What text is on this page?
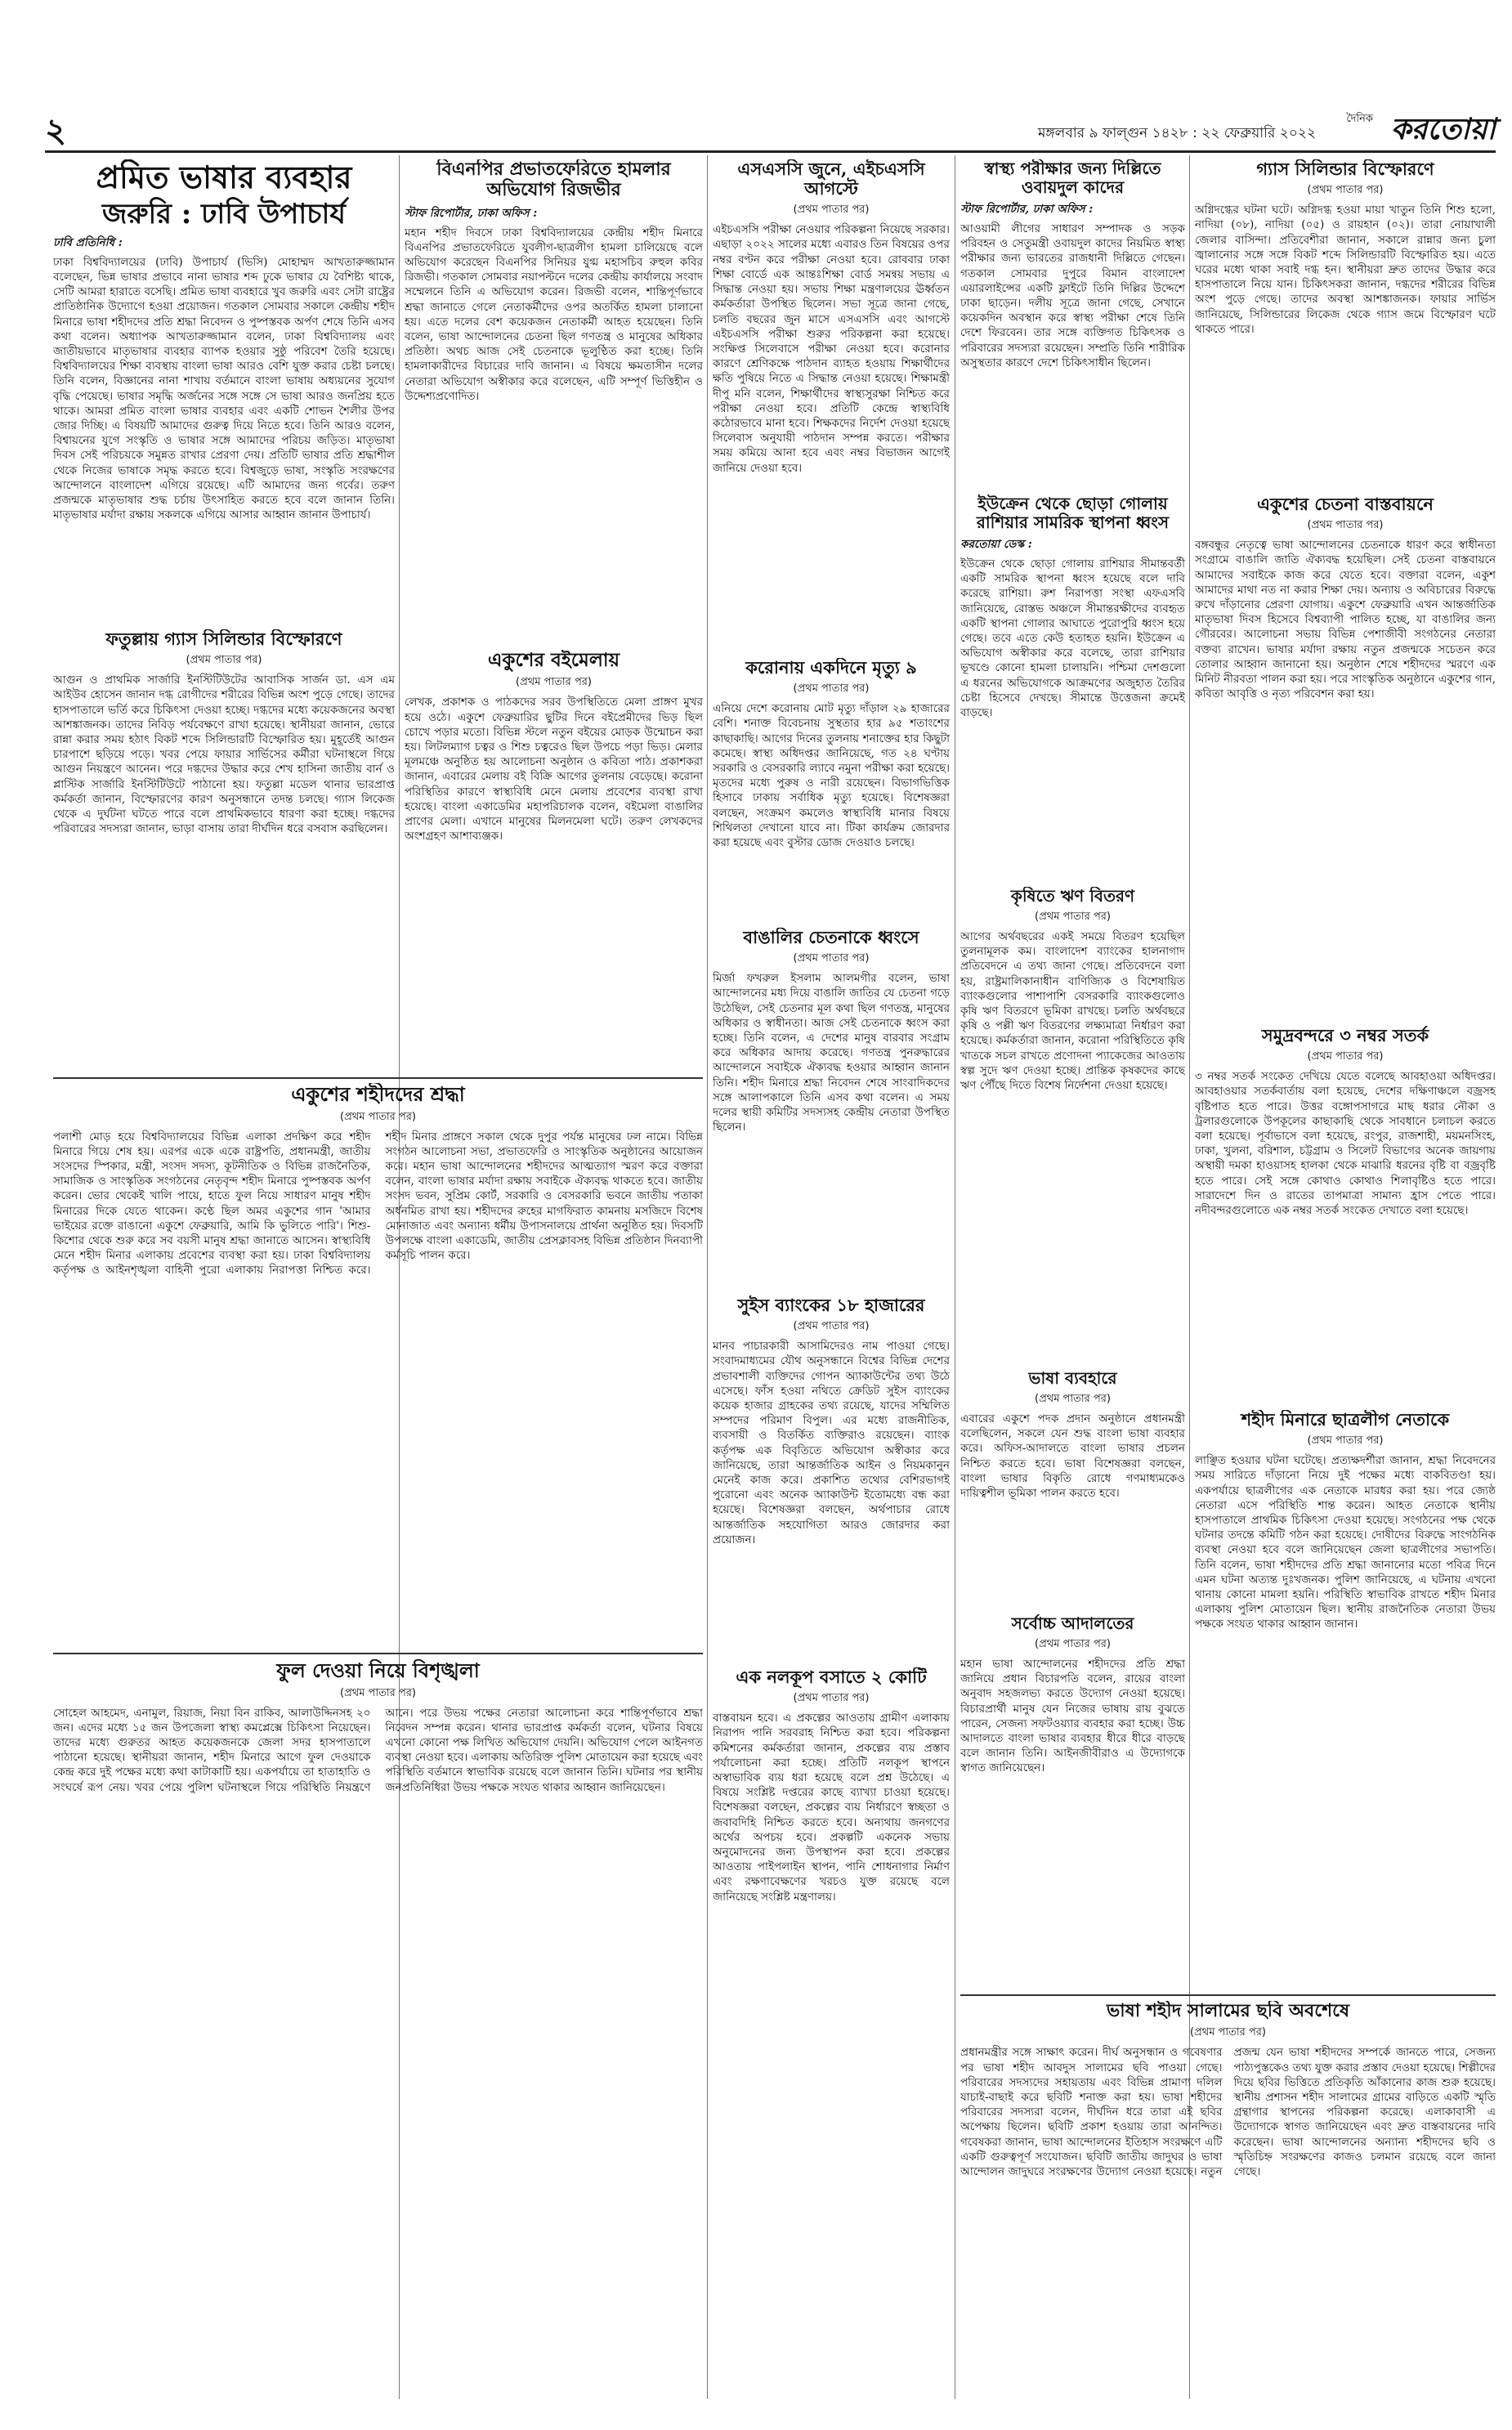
২	মঙ্গলবার ৯ ফাল্গুন ১৪২৮ : ২২ ফেব্রুয়ারি ২০২২
দৈনিক করতোয়া
প্রমিত ভাষার ব্যবহার
জরুরি : ঢাবি উপাচার্য
ঢাবি প্রতিনিধি :

ঢাকা বিশ্ববিদ্যালয়ের (ঢাবি) উপাচার্য (ভিসি) মোহাম্মদ আখতারুজ্জামান বলেছেন, ভিন্ন ভাষার প্রভাবে নানা ভাষার শব্দ ঢুকে ভাষার যে বৈশিষ্ট্য থাকে, সেটি আমরা হারাতে বসেছি। প্রমিত ভাষা ব্যবহারে খুব জরুরি এবং সেটা রাষ্ট্রের প্রাতিষ্ঠানিক উদ্যোগে হওয়া প্রয়োজন। গতকাল সোমবার সকালে কেন্দ্রীয় শহীদ মিনারে ভাষা শহীদদের প্রতি শ্রদ্ধা নিবেদন ও পুষ্পস্তবক অর্পণ শেষে তিনি এসব কথা বলেন। অধ্যাপক আখতারুজ্জামান বলেন, ঢাকা বিশ্ববিদ্যালয় এবং জাতীয়ভাবে মাতৃভাষার ব্যবহার ব্যাপক হওয়ার সুষ্ঠু পরিবেশ তৈরি হয়েছে। বিশ্ববিদ্যালয়ের শিক্ষা ব্যবস্থায় বাংলা ভাষা আরও বেশি যুক্ত করার চেষ্টা চলছে। তিনি বলেন, বিজ্ঞানের নানা শাখায় বর্তমানে বাংলা ভাষায় অধ্যয়নের সুযোগ বৃদ্ধি পেয়েছে। ভাষার সমৃদ্ধি অর্জনের সঙ্গে সঙ্গে সে ভাষা আরও জনপ্রিয় হতে থাকে। আমরা প্রমিত বাংলা ভাষার ব্যবহার এবং একটি শোভন শৈলীর উপর জোর দিচ্ছি। এ বিষয়টি আমাদের গুরুত্ব দিয়ে নিতে হবে। তিনি আরও বলেন, বিশ্বায়নের যুগে সংস্কৃতি ও ভাষার সঙ্গে আমাদের পরিচয় জড়িত। মাতৃভাষা দিবস সেই পরিচয়কে সমুন্নত রাখার প্রেরণা দেয়। প্রতিটি ভাষার প্রতি শ্রদ্ধাশীল থেকে নিজের ভাষাকে সমৃদ্ধ করতে হবে। বিশ্বজুড়ে ভাষা, সংস্কৃতি সংরক্ষণের আন্দোলনে বাংলাদেশ এগিয়ে রয়েছে। এটি আমাদের জন্য গর্বের। তরুণ প্রজন্মকে মাতৃভাষার শুদ্ধ চর্চায় উৎসাহিত করতে হবে বলে জানান তিনি। মাতৃভাষার মর্যাদা রক্ষায় সকলকে এগিয়ে আসার আহ্বান জানান উপাচার্য।

ফতুল্লায় গ্যাস সিলিন্ডার বিস্ফোরণে
(প্রথম পাতার পর)

আগুন ও প্রাথমিক সার্জারি ইনস্টিটিউটের আবাসিক সার্জন ডা. এস এম আইউব হোসেন জানান দগ্ধ রোগীদের শরীরের বিভিন্ন অংশ পুড়ে গেছে। তাদের হাসপাতালে ভর্তি করে চিকিৎসা দেওয়া হচ্ছে। দগ্ধদের মধ্যে কয়েকজনের অবস্থা আশঙ্কাজনক। তাদের নিবিড় পর্যবেক্ষণে রাখা হয়েছে। স্থানীয়রা জানান, ভোরে রান্না করার সময় হঠাৎ বিকট শব্দে সিলিন্ডারটি বিস্ফোরিত হয়। মুহূর্তেই আগুন চারপাশে ছড়িয়ে পড়ে। খবর পেয়ে ফায়ার সার্ভিসের কর্মীরা ঘটনাস্থলে গিয়ে আগুন নিয়ন্ত্রণে আনেন। পরে দগ্ধদের উদ্ধার করে শেখ হাসিনা জাতীয় বার্ন ও প্লাস্টিক সার্জারি ইনস্টিটিউটে পাঠানো হয়। ফতুল্লা মডেল থানার ভারপ্রাপ্ত কর্মকর্তা জানান, বিস্ফোরণের কারণ অনুসন্ধানে তদন্ত চলছে। গ্যাস লিকেজ থেকে এ দুর্ঘটনা ঘটতে পারে বলে প্রাথমিকভাবে ধারণা করা হচ্ছে। দগ্ধদের পরিবারের সদস্যরা জানান, ভাড়া বাসায় তারা দীর্ঘদিন ধরে বসবাস করছিলেন।

বিএনপির প্রভাতফেরিতে হামলার অভিযোগ রিজভীর
স্টাফ রিপোর্টার, ঢাকা অফিস :

মহান শহীদ দিবসে ঢাকা বিশ্ববিদ্যালয়ের কেন্দ্রীয় শহীদ মিনারে বিএনপির প্রভাতফেরিতে যুবলীগ-ছাত্রলীগ হামলা চালিয়েছে বলে অভিযোগ করেছেন বিএনপির সিনিয়র যুগ্ম মহাসচিব রুহুল কবির রিজভী। গতকাল সোমবার নয়াপল্টনে দলের কেন্দ্রীয় কার্যালয়ে সংবাদ সম্মেলনে তিনি এ অভিযোগ করেন। রিজভী বলেন, শান্তিপূর্ণভাবে শ্রদ্ধা জানাতে গেলে নেতাকর্মীদের ওপর অতর্কিত হামলা চালানো হয়। এতে দলের বেশ কয়েকজন নেতাকর্মী আহত হয়েছেন। তিনি বলেন, ভাষা আন্দোলনের চেতনা ছিল গণতন্ত্র ও মানুষের অধিকার প্রতিষ্ঠা। অথচ আজ সেই চেতনাকে ভূলুণ্ঠিত করা হচ্ছে। তিনি হামলাকারীদের বিচারের দাবি জানান। এ বিষয়ে ক্ষমতাসীন দলের নেতারা অভিযোগ অস্বীকার করে বলেছেন, এটি সম্পূর্ণ ভিত্তিহীন ও উদ্দেশ্যপ্রণোদিত।

একুশের বইমেলায়
(প্রথম পাতার পর)

লেখক, প্রকাশক ও পাঠকদের সরব উপস্থিতিতে মেলা প্রাঙ্গণ মুখর হয়ে ওঠে। একুশে ফেব্রুয়ারির ছুটির দিনে বইপ্রেমীদের ভিড় ছিল চোখে পড়ার মতো। বিভিন্ন স্টলে নতুন বইয়ের মোড়ক উন্মোচন করা হয়। লিটলম্যাগ চত্বর ও শিশু চত্বরেও ছিল উপচে পড়া ভিড়। মেলার মূলমঞ্চে অনুষ্ঠিত হয় আলোচনা অনুষ্ঠান ও কবিতা পাঠ। প্রকাশকরা জানান, এবারের মেলায় বই বিক্রি আগের তুলনায় বেড়েছে। করোনা পরিস্থিতির কারণে স্বাস্থ্যবিধি মেনে মেলায় প্রবেশের ব্যবস্থা রাখা হয়েছে। বাংলা একাডেমির মহাপরিচালক বলেন, বইমেলা বাঙালির প্রাণের মেলা। এখানে মানুষের মিলনমেলা ঘটে। তরুণ লেখকদের অংশগ্রহণ আশাব্যঞ্জক।

একুশের শহীদদের শ্রদ্ধা
(প্রথম পাতার পর)

পলাশী মোড় হয়ে বিশ্ববিদ্যালয়ের বিভিন্ন এলাকা প্রদক্ষিণ করে শহীদ মিনারে গিয়ে শেষ হয়। এরপর একে একে রাষ্ট্রপতি, প্রধানমন্ত্রী, জাতীয় সংসদের স্পিকার, মন্ত্রী, সংসদ সদস্য, কূটনীতিক ও বিভিন্ন রাজনৈতিক, সামাজিক ও সাংস্কৃতিক সংগঠনের নেতৃবৃন্দ শহীদ মিনারে পুষ্পস্তবক অর্পণ করেন। ভোর থেকেই খালি পায়ে, হাতে ফুল নিয়ে সাধারণ মানুষ শহীদ মিনারের দিকে যেতে থাকেন। কণ্ঠে ছিল অমর একুশের গান 'আমার ভাইয়ের রক্তে রাঙানো একুশে ফেব্রুয়ারি, আমি কি ভুলিতে পারি'। শিশু-কিশোর থেকে শুরু করে সব বয়সী মানুষ শ্রদ্ধা জানাতে আসেন। স্বাস্থ্যবিধি মেনে শহীদ মিনার এলাকায় প্রবেশের ব্যবস্থা করা হয়। ঢাকা বিশ্ববিদ্যালয় কর্তৃপক্ষ ও আইনশৃঙ্খলা বাহিনী পুরো এলাকায় নিরাপত্তা নিশ্চিত করে। শহীদ মিনার প্রাঙ্গণে সকাল থেকে দুপুর পর্যন্ত মানুষের ঢল নামে। বিভিন্ন সংগঠন আলোচনা সভা, প্রভাতফেরি ও সাংস্কৃতিক অনুষ্ঠানের আয়োজন করে। মহান ভাষা আন্দোলনের শহীদদের আত্মত্যাগ স্মরণ করে বক্তারা বলেন, বাংলা ভাষার মর্যাদা রক্ষায় সবাইকে ঐক্যবদ্ধ থাকতে হবে। জাতীয় সংসদ ভবন, সুপ্রিম কোর্ট, সরকারি ও বেসরকারি ভবনে জাতীয় পতাকা অর্ধনমিত রাখা হয়। শহীদদের রুহের মাগফিরাত কামনায় মসজিদে বিশেষ মোনাজাত এবং অন্যান্য ধর্মীয় উপাসনালয়ে প্রার্থনা অনুষ্ঠিত হয়। দিবসটি উপলক্ষে বাংলা একাডেমি, জাতীয় প্রেসক্লাবসহ বিভিন্ন প্রতিষ্ঠান দিনব্যাপী কর্মসূচি পালন করে।

ফুল দেওয়া নিয়ে বিশৃঙ্খলা
(প্রথম পাতার পর)

সোহেল আহমেদ, এনামুল, রিয়াজ, নিয়া বিন রাকিব, আলাউদ্দিনসহ ২০ জন। এদের মধ্যে ১৫ জন উপজেলা স্বাস্থ্য কমপ্লেক্সে চিকিৎসা নিয়েছেন। তাদের মধ্যে গুরুতর আহত কয়েকজনকে জেলা সদর হাসপাতালে পাঠানো হয়েছে। স্থানীয়রা জানান, শহীদ মিনারে আগে ফুল দেওয়াকে কেন্দ্র করে দুই পক্ষের মধ্যে কথা কাটাকাটি হয়। একপর্যায়ে তা হাতাহাতি ও সংঘর্ষে রূপ নেয়। খবর পেয়ে পুলিশ ঘটনাস্থলে গিয়ে পরিস্থিতি নিয়ন্ত্রণে আনে। পরে উভয় পক্ষের নেতারা আলোচনা করে শান্তিপূর্ণভাবে শ্রদ্ধা নিবেদন সম্পন্ন করেন। থানার ভারপ্রাপ্ত কর্মকর্তা বলেন, ঘটনার বিষয়ে এখনো কোনো পক্ষ লিখিত অভিযোগ দেয়নি। অভিযোগ পেলে আইনগত ব্যবস্থা নেওয়া হবে। এলাকায় অতিরিক্ত পুলিশ মোতায়েন করা হয়েছে এবং পরিস্থিতি বর্তমানে স্বাভাবিক রয়েছে বলে জানান তিনি। ঘটনার পর স্থানীয় জনপ্রতিনিধিরা উভয় পক্ষকে সংযত থাকার আহ্বান জানিয়েছেন।

এসএসসি জুনে, এইচএসসি আগস্টে
(প্রথম পাতার পর)

এইচএসসি পরীক্ষা নেওয়ার পরিকল্পনা নিয়েছে সরকার। এছাড়া ২০২২ সালের মধ্যে এবারও তিন বিষয়ের ওপর নম্বর বণ্টন করে পরীক্ষা নেওয়া হবে। রোববার ঢাকা শিক্ষা বোর্ডে এক আন্তঃশিক্ষা বোর্ড সমন্বয় সভায় এ সিদ্ধান্ত নেওয়া হয়। সভায় শিক্ষা মন্ত্রণালয়ের ঊর্ধ্বতন কর্মকর্তারা উপস্থিত ছিলেন। সভা সূত্রে জানা গেছে, চলতি বছরের জুন মাসে এসএসসি এবং আগস্টে এইচএসসি পরীক্ষা শুরুর পরিকল্পনা করা হয়েছে। সংক্ষিপ্ত সিলেবাসে পরীক্ষা নেওয়া হবে। করোনার কারণে শ্রেণিকক্ষে পাঠদান ব্যাহত হওয়ায় শিক্ষার্থীদের ক্ষতি পুষিয়ে নিতে এ সিদ্ধান্ত নেওয়া হয়েছে। শিক্ষামন্ত্রী দীপু মনি বলেন, শিক্ষার্থীদের স্বাস্থ্যসুরক্ষা নিশ্চিত করে পরীক্ষা নেওয়া হবে। প্রতিটি কেন্দ্রে স্বাস্থ্যবিধি কঠোরভাবে মানা হবে। শিক্ষকদের নির্দেশ দেওয়া হয়েছে সিলেবাস অনুযায়ী পাঠদান সম্পন্ন করতে। পরীক্ষার সময় কমিয়ে আনা হবে এবং নম্বর বিভাজন আগেই জানিয়ে দেওয়া হবে।

করোনায় একদিনে মৃত্যু ৯
(প্রথম পাতার পর)

এনিয়ে দেশে করোনায় মোট মৃত্যু দাঁড়াল ২৯ হাজারের বেশি। শনাক্ত বিবেচনায় সুস্থতার হার ৯৫ শতাংশের কাছাকাছি। আগের দিনের তুলনায় শনাক্তের হার কিছুটা কমেছে। স্বাস্থ্য অধিদপ্তর জানিয়েছে, গত ২৪ ঘণ্টায় সরকারি ও বেসরকারি ল্যাবে নমুনা পরীক্ষা করা হয়েছে। মৃতদের মধ্যে পুরুষ ও নারী রয়েছেন। বিভাগভিত্তিক হিসাবে ঢাকায় সর্বাধিক মৃত্যু হয়েছে। বিশেষজ্ঞরা বলছেন, সংক্রমণ কমলেও স্বাস্থ্যবিধি মানার বিষয়ে শিথিলতা দেখানো যাবে না। টিকা কার্যক্রম জোরদার করা হয়েছে এবং বুস্টার ডোজ দেওয়াও চলছে।

বাঙালির চেতনাকে ধ্বংসে
(প্রথম পাতার পর)

মির্জা ফখরুল ইসলাম আলমগীর বলেন, ভাষা আন্দোলনের মধ্য দিয়ে বাঙালি জাতির যে চেতনা গড়ে উঠেছিল, সেই চেতনার মূল কথা ছিল গণতন্ত্র, মানুষের অধিকার ও স্বাধীনতা। আজ সেই চেতনাকে ধ্বংস করা হচ্ছে। তিনি বলেন, এ দেশের মানুষ বারবার সংগ্রাম করে অধিকার আদায় করেছে। গণতন্ত্র পুনরুদ্ধারের আন্দোলনে সবাইকে ঐক্যবদ্ধ হওয়ার আহ্বান জানান তিনি। শহীদ মিনারে শ্রদ্ধা নিবেদন শেষে সাংবাদিকদের সঙ্গে আলাপকালে তিনি এসব কথা বলেন। এ সময় দলের স্থায়ী কমিটির সদস্যসহ কেন্দ্রীয় নেতারা উপস্থিত ছিলেন।

সুইস ব্যাংকের ১৮ হাজারের
(প্রথম পাতার পর)

মানব পাচারকারী আসামিদেরও নাম পাওয়া গেছে। সংবাদমাধ্যমের যৌথ অনুসন্ধানে বিশ্বের বিভিন্ন দেশের প্রভাবশালী ব্যক্তিদের গোপন অ্যাকাউন্টের তথ্য উঠে এসেছে। ফাঁস হওয়া নথিতে ক্রেডিট সুইস ব্যাংকের কয়েক হাজার গ্রাহকের তথ্য রয়েছে, যাদের সম্মিলিত সম্পদের পরিমাণ বিপুল। এর মধ্যে রাজনীতিক, ব্যবসায়ী ও বিতর্কিত ব্যক্তিরাও রয়েছেন। ব্যাংক কর্তৃপক্ষ এক বিবৃতিতে অভিযোগ অস্বীকার করে জানিয়েছে, তারা আন্তর্জাতিক আইন ও নিয়মকানুন মেনেই কাজ করে। প্রকাশিত তথ্যের বেশিরভাগই পুরোনো এবং অনেক অ্যাকাউন্ট ইতোমধ্যে বন্ধ করা হয়েছে। বিশেষজ্ঞরা বলছেন, অর্থপাচার রোধে আন্তর্জাতিক সহযোগিতা আরও জোরদার করা প্রয়োজন।

এক নলকূপ বসাতে ২ কোটি
(প্রথম পাতার পর)

বাস্তবায়ন হবে। এ প্রকল্পের আওতায় গ্রামীণ এলাকায় নিরাপদ পানি সরবরাহ নিশ্চিত করা হবে। পরিকল্পনা কমিশনের কর্মকর্তারা জানান, প্রকল্পের ব্যয় প্রস্তাব পর্যালোচনা করা হচ্ছে। প্রতিটি নলকূপ স্থাপনে অস্বাভাবিক ব্যয় ধরা হয়েছে বলে প্রশ্ন উঠেছে। এ বিষয়ে সংশ্লিষ্ট দপ্তরের কাছে ব্যাখ্যা চাওয়া হয়েছে। বিশেষজ্ঞরা বলছেন, প্রকল্পের ব্যয় নির্ধারণে স্বচ্ছতা ও জবাবদিহি নিশ্চিত করতে হবে। অন্যথায় জনগণের অর্থের অপচয় হবে। প্রকল্পটি একনেক সভায় অনুমোদনের জন্য উপস্থাপন করা হবে। প্রকল্পের আওতায় পাইপলাইন স্থাপন, পানি শোধনাগার নির্মাণ এবং রক্ষণাবেক্ষণের খরচও যুক্ত রয়েছে বলে জানিয়েছে সংশ্লিষ্ট মন্ত্রণালয়।

স্বাস্থ্য পরীক্ষার জন্য দিল্লিতে ওবায়দুল কাদের
স্টাফ রিপোর্টার, ঢাকা অফিস :

আওয়ামী লীগের সাধারণ সম্পাদক ও সড়ক পরিবহন ও সেতুমন্ত্রী ওবায়দুল কাদের নিয়মিত স্বাস্থ্য পরীক্ষার জন্য ভারতের রাজধানী দিল্লিতে গেছেন। গতকাল সোমবার দুপুরে বিমান বাংলাদেশ এয়ারলাইন্সের একটি ফ্লাইটে তিনি দিল্লির উদ্দেশে ঢাকা ছাড়েন। দলীয় সূত্রে জানা গেছে, সেখানে কয়েকদিন অবস্থান করে স্বাস্থ্য পরীক্ষা শেষে তিনি দেশে ফিরবেন। তার সঙ্গে ব্যক্তিগত চিকিৎসক ও পরিবারের সদস্যরা রয়েছেন। সম্প্রতি তিনি শারীরিক অসুস্থতার কারণে দেশে চিকিৎসাধীন ছিলেন।

ইউক্রেন থেকে ছোড়া গোলায় রাশিয়ার সামরিক স্থাপনা ধ্বংস
করতোয়া ডেস্ক :

ইউক্রেন থেকে ছোড়া গোলায় রাশিয়ার সীমান্তবর্তী একটি সামরিক স্থাপনা ধ্বংস হয়েছে বলে দাবি করেছে রাশিয়া। রুশ নিরাপত্তা সংস্থা এফএসবি জানিয়েছে, রোস্তভ অঞ্চলে সীমান্তরক্ষীদের ব্যবহৃত একটি স্থাপনা গোলার আঘাতে পুরোপুরি ধ্বংস হয়ে গেছে। তবে এতে কেউ হতাহত হয়নি। ইউক্রেন এ অভিযোগ অস্বীকার করে বলেছে, তারা রাশিয়ার ভূখণ্ডে কোনো হামলা চালায়নি। পশ্চিমা দেশগুলো এ ধরনের অভিযোগকে আক্রমণের অজুহাত তৈরির চেষ্টা হিসেবে দেখছে। সীমান্তে উত্তেজনা ক্রমেই বাড়ছে।

কৃষিতে ঋণ বিতরণ
(প্রথম পাতার পর)

আগের অর্থবছরের একই সময়ে বিতরণ হয়েছিল তুলনামূলক কম। বাংলাদেশ ব্যাংকের হালনাগাদ প্রতিবেদনে এ তথ্য জানা গেছে। প্রতিবেদনে বলা হয়, রাষ্ট্রমালিকানাধীন বাণিজ্যিক ও বিশেষায়িত ব্যাংকগুলোর পাশাপাশি বেসরকারি ব্যাংকগুলোও কৃষি ঋণ বিতরণে ভূমিকা রাখছে। চলতি অর্থবছরে কৃষি ও পল্লী ঋণ বিতরণের লক্ষ্যমাত্রা নির্ধারণ করা হয়েছে। কর্মকর্তারা জানান, করোনা পরিস্থিতিতে কৃষি খাতকে সচল রাখতে প্রণোদনা প্যাকেজের আওতায় স্বল্প সুদে ঋণ দেওয়া হচ্ছে। প্রান্তিক কৃষকদের কাছে ঋণ পৌঁছে দিতে বিশেষ নির্দেশনা দেওয়া হয়েছে।

ভাষা ব্যবহারে
(প্রথম পাতার পর)

এবারের একুশে পদক প্রদান অনুষ্ঠানে প্রধানমন্ত্রী বলেছিলেন, সকলে যেন শুদ্ধ বাংলা ভাষা ব্যবহার করে। অফিস-আদালতে বাংলা ভাষার প্রচলন নিশ্চিত করতে হবে। ভাষা বিশেষজ্ঞরা বলছেন, বাংলা ভাষার বিকৃতি রোধে গণমাধ্যমকেও দায়িত্বশীল ভূমিকা পালন করতে হবে।

সর্বোচ্চ আদালতের
(প্রথম পাতার পর)

মহান ভাষা আন্দোলনের শহীদদের প্রতি শ্রদ্ধা জানিয়ে প্রধান বিচারপতি বলেন, রায়ের বাংলা অনুবাদ সহজলভ্য করতে উদ্যোগ নেওয়া হয়েছে। বিচারপ্রার্থী মানুষ যেন নিজের ভাষায় রায় বুঝতে পারেন, সেজন্য সফটওয়্যার ব্যবহার করা হচ্ছে। উচ্চ আদালতে বাংলা ভাষার ব্যবহার ধীরে ধীরে বাড়ছে বলে জানান তিনি। আইনজীবীরাও এ উদ্যোগকে স্বাগত জানিয়েছেন।

গ্যাস সিলিন্ডার বিস্ফোরণে
(প্রথম পাতার পর)

অগ্নিদগ্ধের ঘটনা ঘটে। অগ্নিদগ্ধ হওয়া মায়া খাতুন তিনি শিশু হলো, নাদিয়া (০৮), নাদিয়া (০৫) ও রায়হান (০২)। তারা নোয়াখালী জেলার বাসিন্দা। প্রতিবেশীরা জানান, সকালে রান্নার জন্য চুলা জ্বালানোর সঙ্গে সঙ্গে বিকট শব্দে সিলিন্ডারটি বিস্ফোরিত হয়। এতে ঘরের মধ্যে থাকা সবাই দগ্ধ হন। স্থানীয়রা দ্রুত তাদের উদ্ধার করে হাসপাতালে নিয়ে যান। চিকিৎসকরা জানান, দগ্ধদের শরীরের বিভিন্ন অংশ পুড়ে গেছে। তাদের অবস্থা আশঙ্কাজনক। ফায়ার সার্ভিস জানিয়েছে, সিলিন্ডারের লিকেজ থেকে গ্যাস জমে বিস্ফোরণ ঘটে থাকতে পারে।

একুশের চেতনা বাস্তবায়নে
(প্রথম পাতার পর)

বঙ্গবন্ধুর নেতৃত্বে ভাষা আন্দোলনের চেতনাকে ধারণ করে স্বাধীনতা সংগ্রামে বাঙালি জাতি ঐক্যবদ্ধ হয়েছিল। সেই চেতনা বাস্তবায়নে আমাদের সবাইকে কাজ করে যেতে হবে। বক্তারা বলেন, একুশ আমাদের মাথা নত না করার শিক্ষা দেয়। অন্যায় ও অবিচারের বিরুদ্ধে রুখে দাঁড়ানোর প্রেরণা যোগায়। একুশে ফেব্রুয়ারি এখন আন্তর্জাতিক মাতৃভাষা দিবস হিসেবে বিশ্বব্যাপী পালিত হচ্ছে, যা বাঙালির জন্য গৌরবের। আলোচনা সভায় বিভিন্ন পেশাজীবী সংগঠনের নেতারা বক্তব্য রাখেন। ভাষার মর্যাদা রক্ষায় নতুন প্রজন্মকে সচেতন করে তোলার আহ্বান জানানো হয়। অনুষ্ঠান শেষে শহীদদের স্মরণে এক মিনিট নীরবতা পালন করা হয়। পরে সাংস্কৃতিক অনুষ্ঠানে একুশের গান, কবিতা আবৃত্তি ও নৃত্য পরিবেশন করা হয়।

সমুদ্রবন্দরে ৩ নম্বর সতর্ক
(প্রথম পাতার পর)

৩ নম্বর সতর্ক সংকেত দেখিয়ে যেতে বলেছে আবহাওয়া অধিদপ্তর। আবহাওয়ার সতর্কবার্তায় বলা হয়েছে, দেশের দক্ষিণাঞ্চলে বজ্রসহ বৃষ্টিপাত হতে পারে। উত্তর বঙ্গোপসাগরে মাছ ধরার নৌকা ও ট্রলারগুলোকে উপকূলের কাছাকাছি থেকে সাবধানে চলাচল করতে বলা হয়েছে। পূর্বাভাসে বলা হয়েছে, রংপুর, রাজশাহী, ময়মনসিংহ, ঢাকা, খুলনা, বরিশাল, চট্টগ্রাম ও সিলেট বিভাগের অনেক জায়গায় অস্থায়ী দমকা হাওয়াসহ হালকা থেকে মাঝারি ধরনের বৃষ্টি বা বজ্রবৃষ্টি হতে পারে। সেই সঙ্গে কোথাও কোথাও শিলাবৃষ্টিও হতে পারে। সারাদেশে দিন ও রাতের তাপমাত্রা সামান্য হ্রাস পেতে পারে। নদীবন্দরগুলোতে এক নম্বর সতর্ক সংকেত দেখাতে বলা হয়েছে।

শহীদ মিনারে ছাত্রলীগ নেতাকে
(প্রথম পাতার পর)

লাঞ্ছিত হওয়ার ঘটনা ঘটেছে। প্রত্যক্ষদর্শীরা জানান, শ্রদ্ধা নিবেদনের সময় সারিতে দাঁড়ানো নিয়ে দুই পক্ষের মধ্যে বাকবিতণ্ডা হয়। একপর্যায়ে ছাত্রলীগের এক নেতাকে মারধর করা হয়। পরে জ্যেষ্ঠ নেতারা এসে পরিস্থিতি শান্ত করেন। আহত নেতাকে স্থানীয় হাসপাতালে প্রাথমিক চিকিৎসা দেওয়া হয়েছে। সংগঠনের পক্ষ থেকে ঘটনার তদন্তে কমিটি গঠন করা হয়েছে। দোষীদের বিরুদ্ধে সাংগঠনিক ব্যবস্থা নেওয়া হবে বলে জানিয়েছেন জেলা ছাত্রলীগের সভাপতি। তিনি বলেন, ভাষা শহীদদের প্রতি শ্রদ্ধা জানানোর মতো পবিত্র দিনে এমন ঘটনা অত্যন্ত দুঃখজনক। পুলিশ জানিয়েছে, এ ঘটনায় এখনো থানায় কোনো মামলা হয়নি। পরিস্থিতি স্বাভাবিক রাখতে শহীদ মিনার এলাকায় পুলিশ মোতায়েন ছিল। স্থানীয় রাজনৈতিক নেতারা উভয় পক্ষকে সংযত থাকার আহ্বান জানান।

ভাষা শহীদ সালামের ছবি অবশেষে
(প্রথম পাতার পর)

প্রধানমন্ত্রীর সঙ্গে সাক্ষাৎ করেন। দীর্ঘ অনুসন্ধান ও গবেষণার পর ভাষা শহীদ আবদুস সালামের ছবি পাওয়া গেছে। পরিবারের সদস্যদের সহায়তায় এবং বিভিন্ন প্রামাণ্য দলিল যাচাই-বাছাই করে ছবিটি শনাক্ত করা হয়। ভাষা শহীদের পরিবারের সদস্যরা বলেন, দীর্ঘদিন ধরে তারা এই ছবির অপেক্ষায় ছিলেন। ছবিটি প্রকাশ হওয়ায় তারা আনন্দিত। গবেষকরা জানান, ভাষা আন্দোলনের ইতিহাস সংরক্ষণে এটি একটি গুরুত্বপূর্ণ সংযোজন। ছবিটি জাতীয় জাদুঘর ও ভাষা আন্দোলন জাদুঘরে সংরক্ষণের উদ্যোগ নেওয়া হয়েছে। নতুন প্রজন্ম যেন ভাষা শহীদদের সম্পর্কে জানতে পারে, সেজন্য পাঠ্যপুস্তকেও তথ্য যুক্ত করার প্রস্তাব দেওয়া হয়েছে। শিল্পীদের দিয়ে ছবির ভিত্তিতে প্রতিকৃতি আঁকানোর কাজ শুরু হয়েছে। স্থানীয় প্রশাসন শহীদ সালামের গ্রামের বাড়িতে একটি স্মৃতি গ্রন্থাগার স্থাপনের পরিকল্পনা করেছে। এলাকাবাসী এ উদ্যোগকে স্বাগত জানিয়েছেন এবং দ্রুত বাস্তবায়নের দাবি করেছেন। ভাষা আন্দোলনের অন্যান্য শহীদদের ছবি ও স্মৃতিচিহ্ন সংরক্ষণের কাজও চলমান রয়েছে বলে জানা গেছে।
